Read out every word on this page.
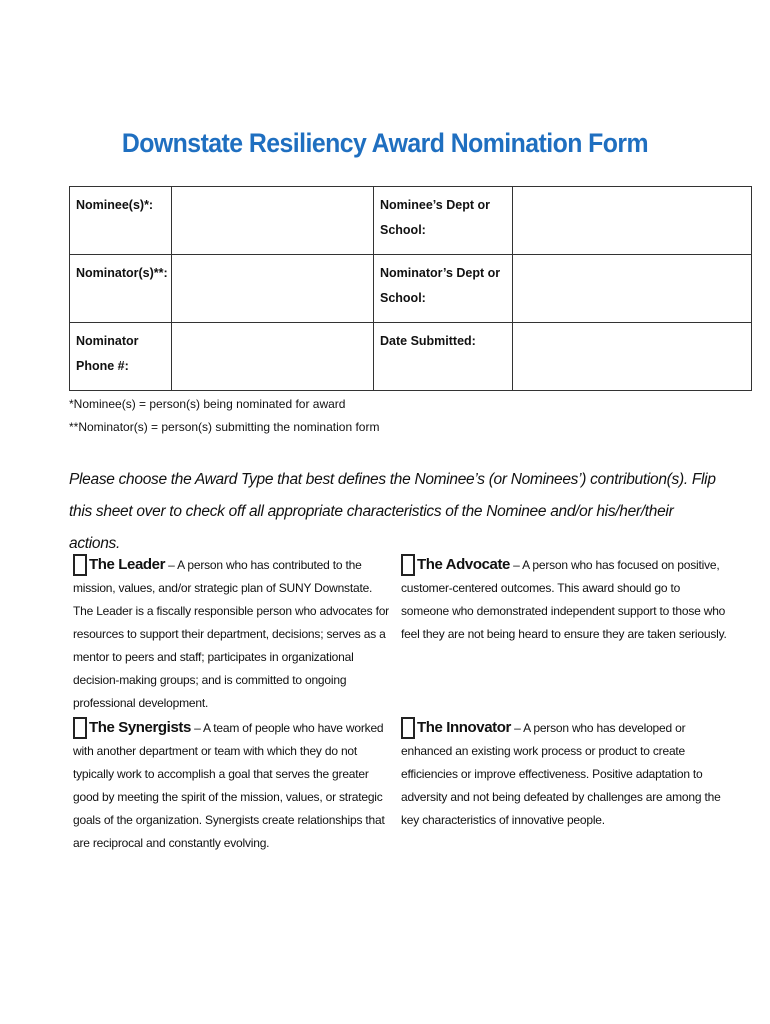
Downstate Resiliency Award Nomination Form
Nominee(s)*:		Nominee’s Dept or School:	
Nominator(s)**:		Nominator’s Dept or School:	
Nominator Phone #:		Date Submitted:	
*Nominee(s) = person(s) being nominated for award
**Nominator(s) = person(s) submitting the nomination form
Please choose the Award Type that best defines the Nominee’s (or Nominees’) contribution(s). Flip this sheet over to check off all appropriate characteristics of the Nominee and/or his/her/their actions.
The Leader – A person who has contributed to the mission, values, and/or strategic plan of SUNY Downstate. The Leader is a fiscally responsible person who advocates for resources to support their department, decisions; serves as a mentor to peers and staff; participates in organizational decision-making groups; and is committed to ongoing professional development.
The Advocate – A person who has focused on positive, customer-centered outcomes. This award should go to someone who demonstrated independent support to those who feel they are not being heard to ensure they are taken seriously.
The Synergists – A team of people who have worked with another department or team with which they do not typically work to accomplish a goal that serves the greater good by meeting the spirit of the mission, values, or strategic goals of the organization. Synergists create relationships that are reciprocal and constantly evolving.
The Innovator – A person who has developed or enhanced an existing work process or product to create efficiencies or improve effectiveness. Positive adaptation to adversity and not being defeated by challenges are among the key characteristics of innovative people.
